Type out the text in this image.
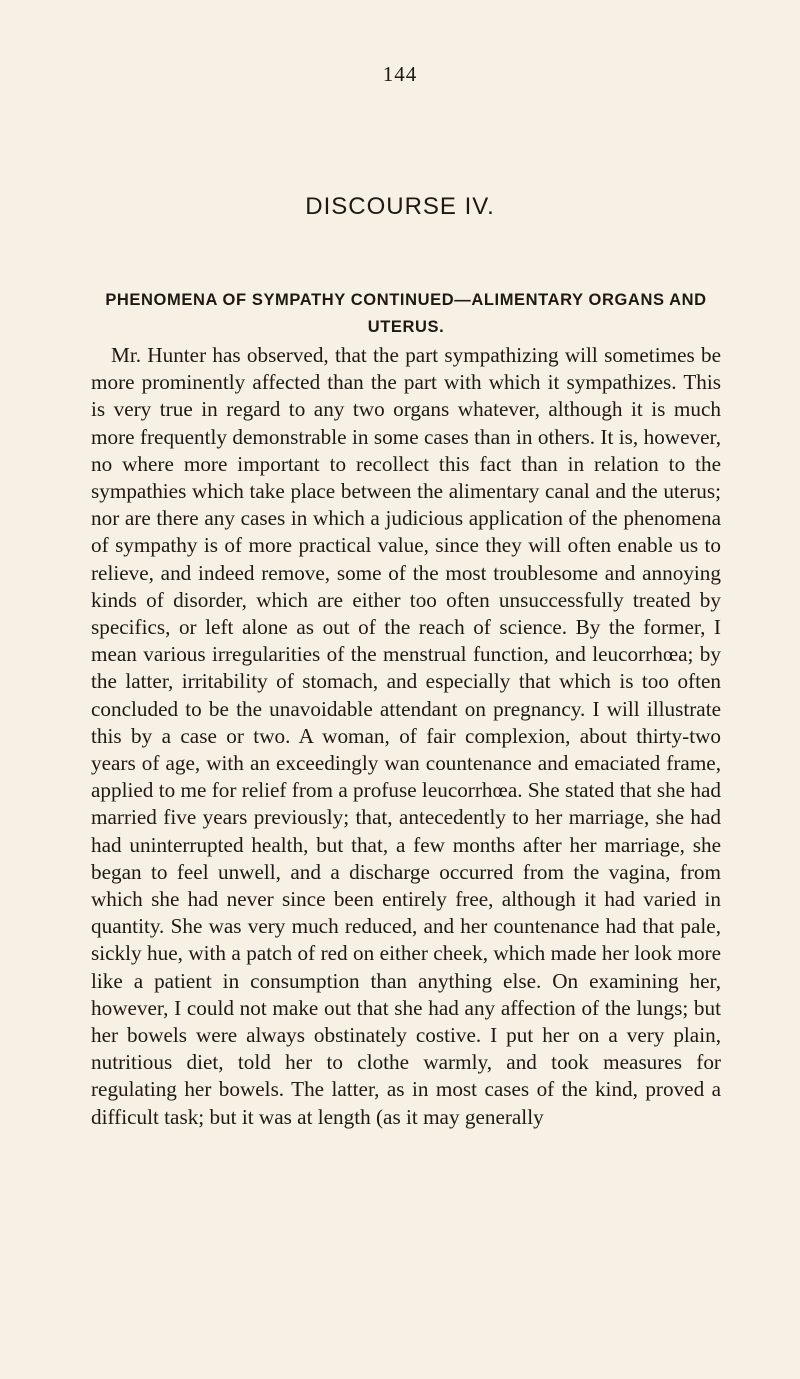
144
DISCOURSE IV.
PHENOMENA OF SYMPATHY CONTINUED—ALIMENTARY ORGANS AND UTERUS.

Mr. Hunter has observed, that the part sympathizing will sometimes be more prominently affected than the part with which it sympathizes. This is very true in regard to any two organs whatever, although it is much more frequently demonstrable in some cases than in others. It is, however, no where more important to recollect this fact than in relation to the sympathies which take place between the alimentary canal and the uterus; nor are there any cases in which a judicious application of the phenomena of sympathy is of more practical value, since they will often enable us to relieve, and indeed remove, some of the most troublesome and annoying kinds of disorder, which are either too often unsuccessfully treated by specifics, or left alone as out of the reach of science. By the former, I mean various irregularities of the menstrual function, and leucorrhœa; by the latter, irritability of stomach, and especially that which is too often concluded to be the unavoidable attendant on pregnancy. I will illustrate this by a case or two. A woman, of fair complexion, about thirty-two years of age, with an exceedingly wan countenance and emaciated frame, applied to me for relief from a profuse leucorrhœa. She stated that she had married five years previously; that, antecedently to her marriage, she had had uninterrupted health, but that, a few months after her marriage, she began to feel unwell, and a discharge occurred from the vagina, from which she had never since been entirely free, although it had varied in quantity. She was very much reduced, and her countenance had that pale, sickly hue, with a patch of red on either cheek, which made her look more like a patient in consumption than anything else. On examining her, however, I could not make out that she had any affection of the lungs; but her bowels were always obstinately costive. I put her on a very plain, nutritious diet, told her to clothe warmly, and took measures for regulating her bowels. The latter, as in most cases of the kind, proved a difficult task; but it was at length (as it may generally
